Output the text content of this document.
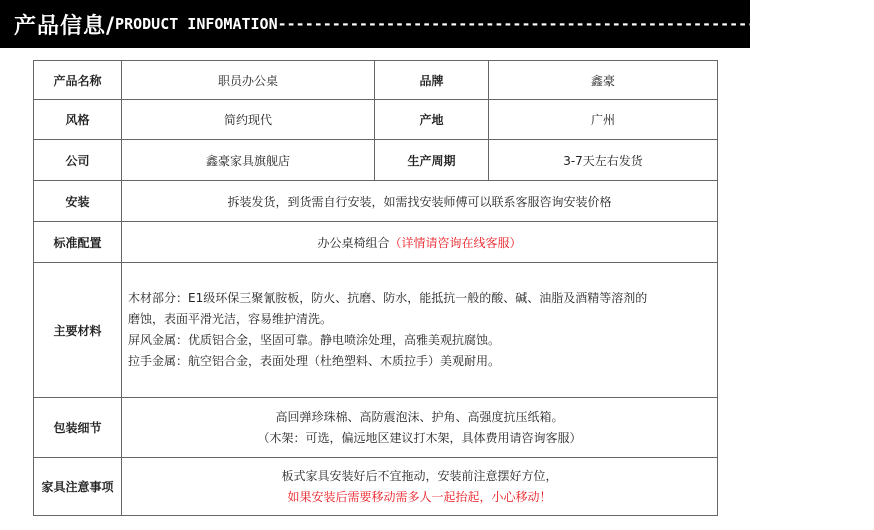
产品信息/ PRODUCT INFOMATION ------------------------------------------------------------------
产品名称	职员办公桌	品牌	鑫豪
风格	简约现代	产地	广州
公司	鑫豪家具旗舰店	生产周期	3-7天左右发货
安装	拆装发货，到货需自行安装，如需找安装师傅可以联系客服咨询安装价格		
标准配置	办公桌椅组合（详情请咨询在线客服）		
主要材料	木材部分：E1级环保三聚氰胺板，防火、抗磨、防水，能抵抗一般的酸、碱、油脂及酒精等溶剂的
磨蚀，表面平滑光洁，容易维护清洗。
屏风金属：优质铝合金，坚固可靠。静电喷涂处理，高雅美观抗腐蚀。
拉手金属：航空铝合金，表面处理（杜绝塑料、木质拉手）美观耐用。		

包装细节	高回弹珍珠棉、高防震泡沫、护角、高强度抗压纸箱。
（木架：可选，偏远地区建议打木架，具体费用请咨询客服）		

家具注意事项	板式家具安装好后不宜拖动，安装前注意摆好方位，
如果安装后需要移动需多人一起抬起，小心移动！		
